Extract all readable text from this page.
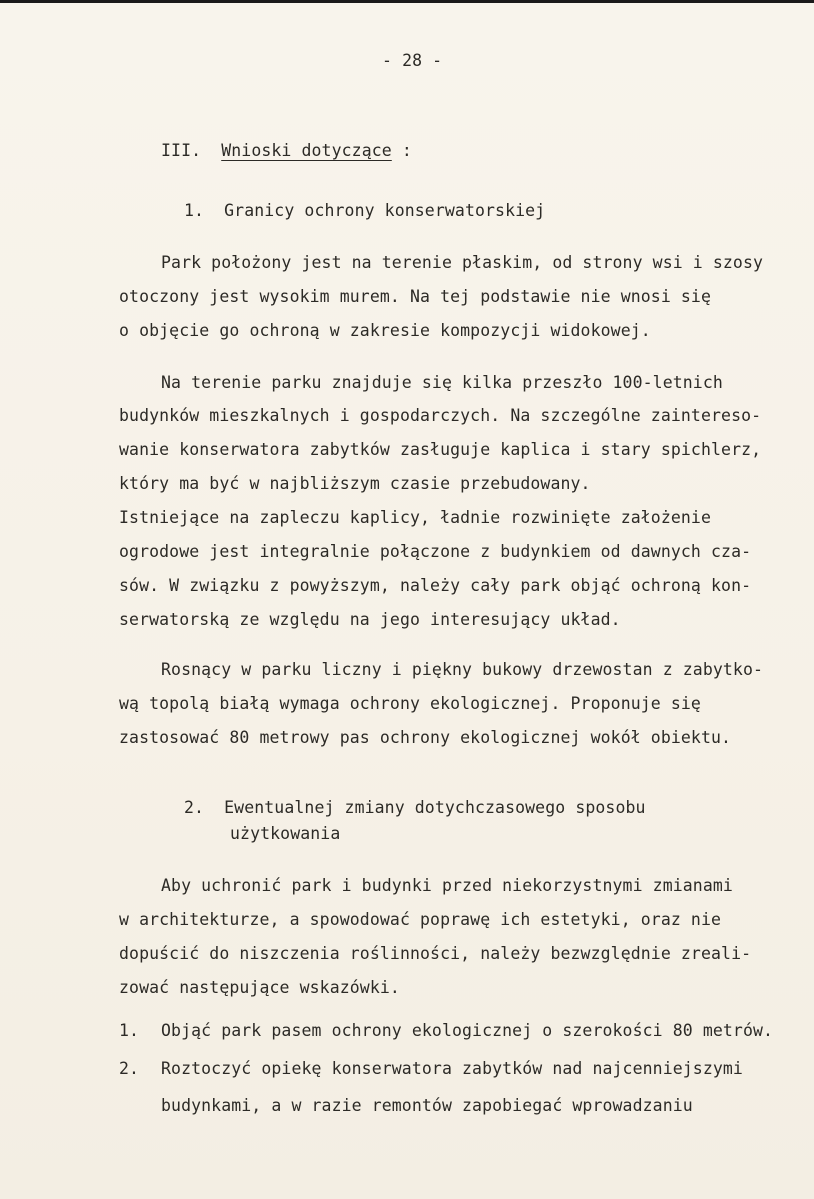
- 28 -
III. Wnioski dotyczące :
1.  Granicy ochrony konserwatorskiej
Park położony jest na terenie płaskim, od strony wsi i szosy
otoczony jest wysokim murem. Na tej podstawie nie wnosi się
o objęcie go ochroną w zakresie kompozycji widokowej.
Na terenie parku znajduje się kilka przeszło 100-letnich
budynków mieszkalnych i gospodarczych. Na szczególne zaintereso-
wanie konserwatora zabytków zasługuje kaplica i stary spichlerz,
który ma być w najbliższym czasie przebudowany.
Istniejące na zapleczu kaplicy, ładnie rozwinięte założenie
ogrodowe jest integralnie połączone z budynkiem od dawnych cza-
sów. W związku z powyższym, należy cały park objąć ochroną kon-
serwatorską ze względu na jego interesujący układ.
Rosnący w parku liczny i piękny bukowy drzewostan z zabytko-
wą topolą białą wymaga ochrony ekologicznej. Proponuje się
zastosować 80 metrowy pas ochrony ekologicznej wokół obiektu.
2.  Ewentualnej zmiany dotychczasowego sposobu
użytkowania
Aby uchronić park i budynki przed niekorzystnymi zmianami
w architekturze, a spowodować poprawę ich estetyki, oraz nie
dopuścić do niszczenia roślinności, należy bezwzględnie zreali-
zować następujące wskazówki.
1. Objąć park pasem ochrony ekologicznej o szerokości 80 metrów.
2. Roztoczyć opiekę konserwatora zabytków nad najcenniejszymi
budynkami, a w razie remontów zapobiegać wprowadzaniu
